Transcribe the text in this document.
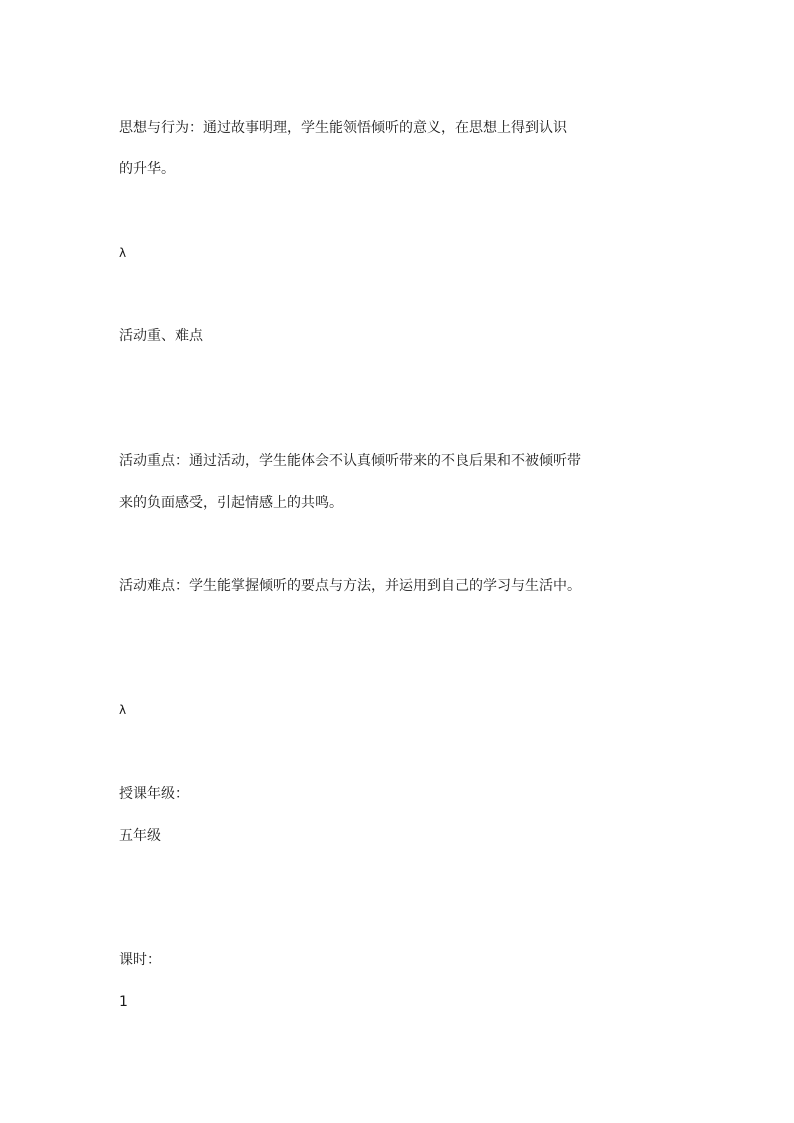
思想与行为：通过故事明理，学生能领悟倾听的意义，在思想上得到认识
的升华。
λ
活动重、难点
活动重点：通过活动，学生能体会不认真倾听带来的不良后果和不被倾听带
来的负面感受，引起情感上的共鸣。
活动难点：学生能掌握倾听的要点与方法，并运用到自己的学习与生活中。
λ
授课年级：
五年级
课时：
1
